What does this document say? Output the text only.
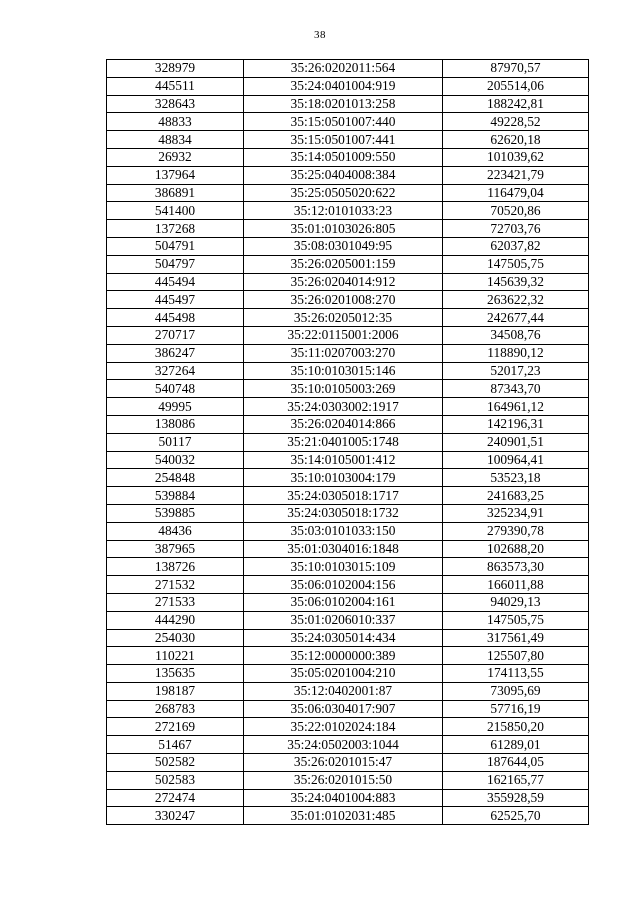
38
328979	35:26:0202011:564	87970,57
445511	35:24:0401004:919	205514,06
328643	35:18:0201013:258	188242,81
48833	35:15:0501007:440	49228,52
48834	35:15:0501007:441	62620,18
26932	35:14:0501009:550	101039,62
137964	35:25:0404008:384	223421,79
386891	35:25:0505020:622	116479,04
541400	35:12:0101033:23	70520,86
137268	35:01:0103026:805	72703,76
504791	35:08:0301049:95	62037,82
504797	35:26:0205001:159	147505,75
445494	35:26:0204014:912	145639,32
445497	35:26:0201008:270	263622,32
445498	35:26:0205012:35	242677,44
270717	35:22:0115001:2006	34508,76
386247	35:11:0207003:270	118890,12
327264	35:10:0103015:146	52017,23
540748	35:10:0105003:269	87343,70
49995	35:24:0303002:1917	164961,12
138086	35:26:0204014:866	142196,31
50117	35:21:0401005:1748	240901,51
540032	35:14:0105001:412	100964,41
254848	35:10:0103004:179	53523,18
539884	35:24:0305018:1717	241683,25
539885	35:24:0305018:1732	325234,91
48436	35:03:0101033:150	279390,78
387965	35:01:0304016:1848	102688,20
138726	35:10:0103015:109	863573,30
271532	35:06:0102004:156	166011,88
271533	35:06:0102004:161	94029,13
444290	35:01:0206010:337	147505,75
254030	35:24:0305014:434	317561,49
110221	35:12:0000000:389	125507,80
135635	35:05:0201004:210	174113,55
198187	35:12:0402001:87	73095,69
268783	35:06:0304017:907	57716,19
272169	35:22:0102024:184	215850,20
51467	35:24:0502003:1044	61289,01
502582	35:26:0201015:47	187644,05
502583	35:26:0201015:50	162165,77
272474	35:24:0401004:883	355928,59
330247	35:01:0102031:485	62525,70
